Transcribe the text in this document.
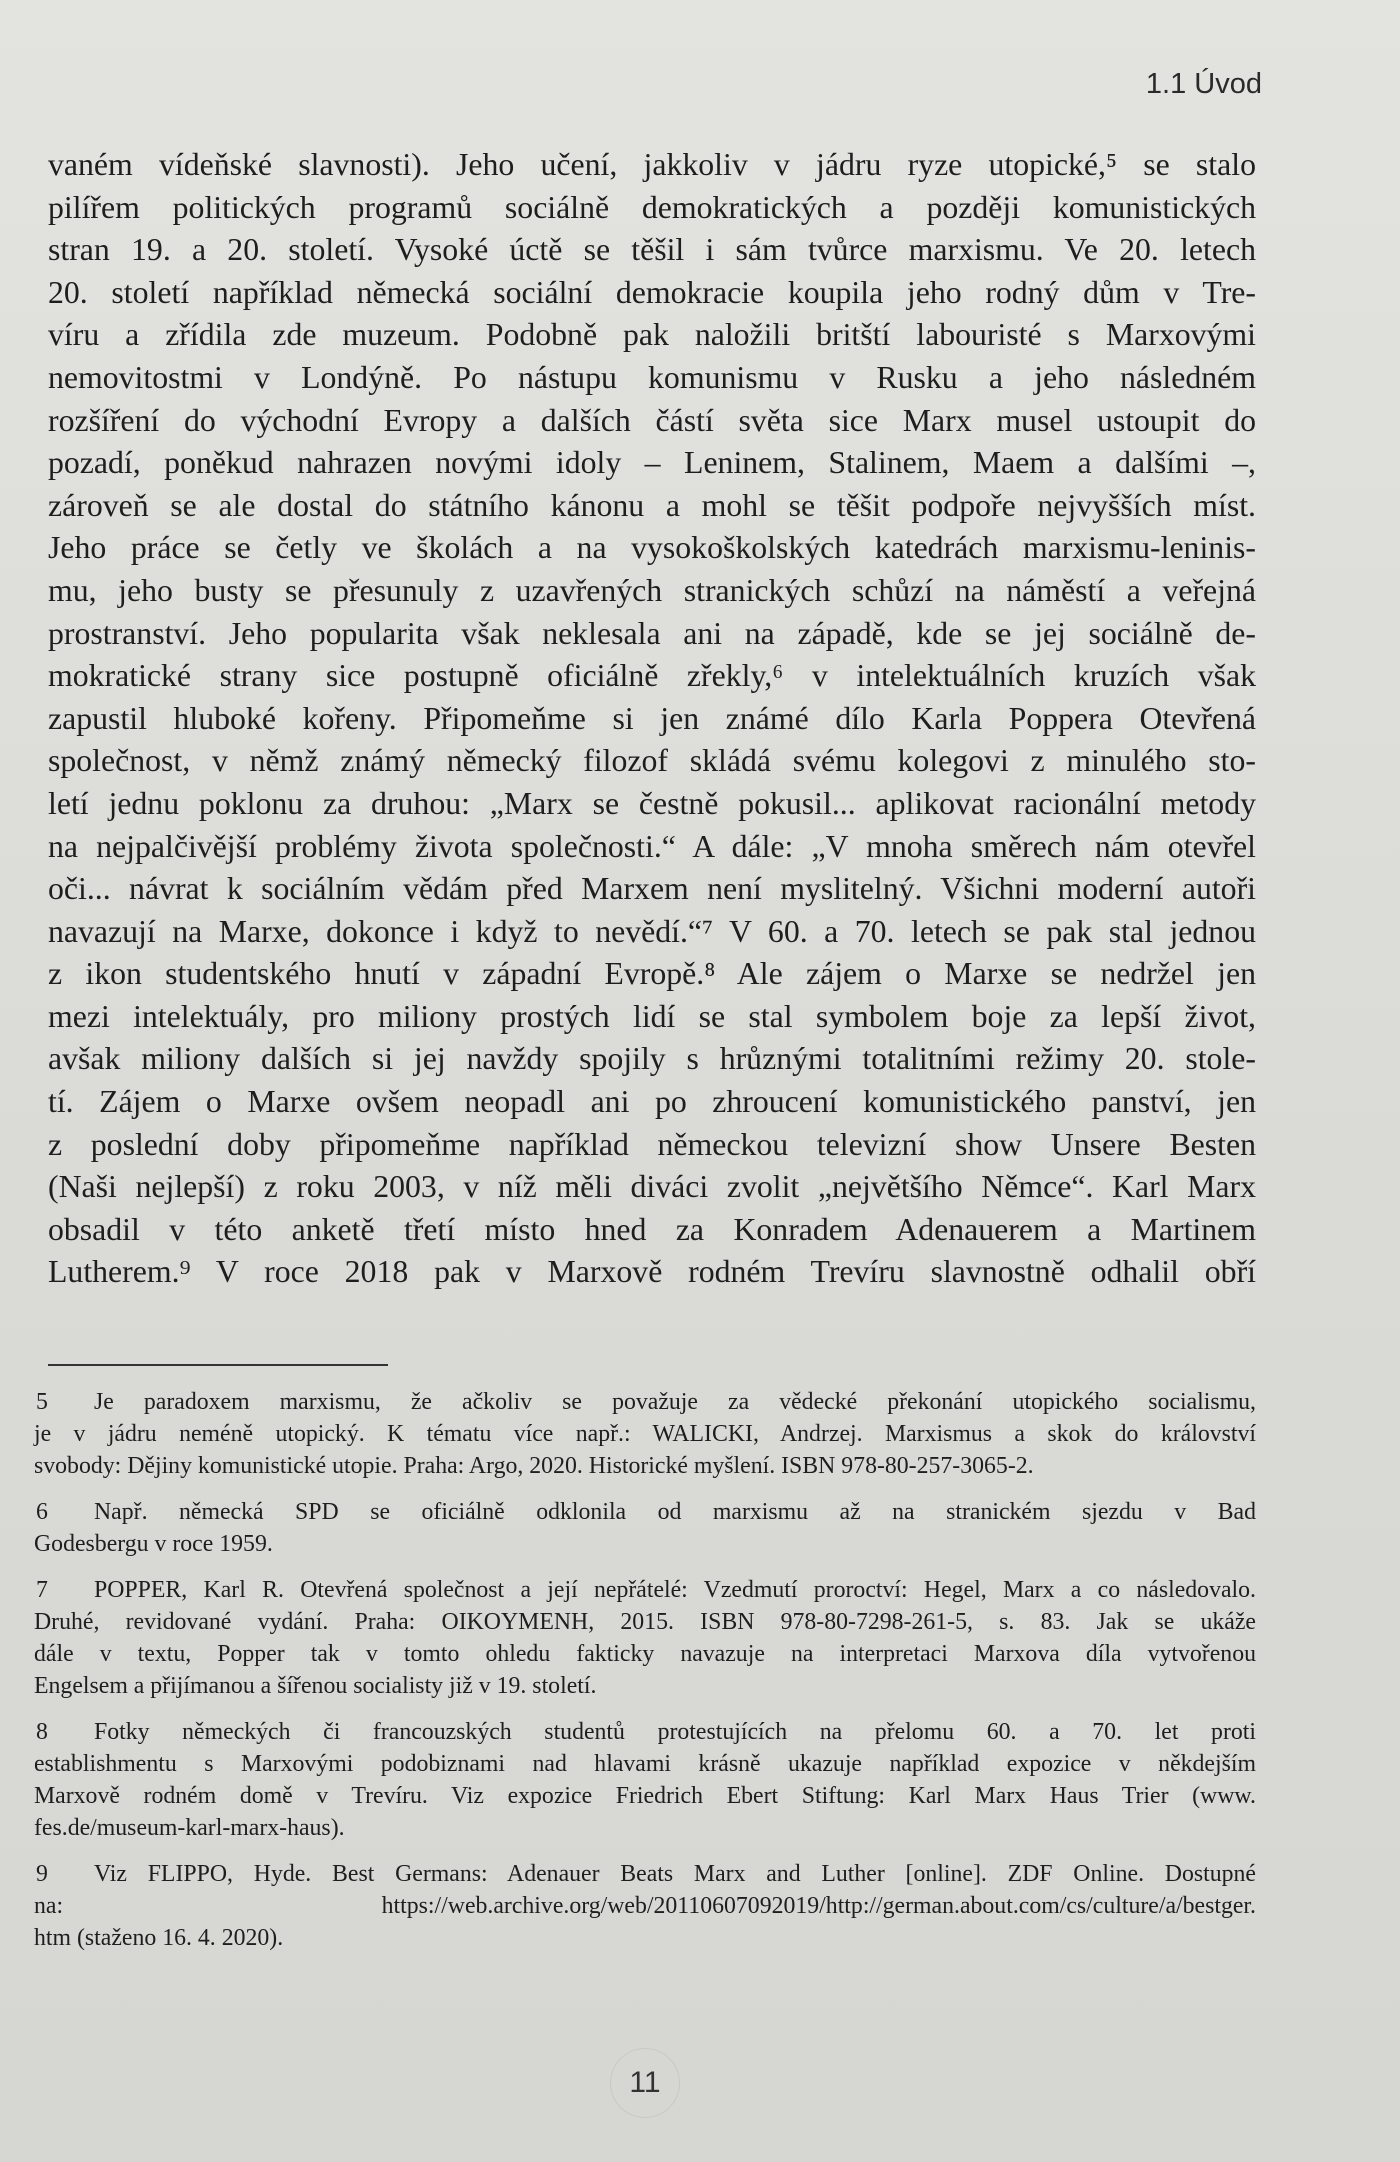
1.1 Úvod
vaném vídeňské slavnosti). Jeho učení, jakkoliv v jádru ryze utopické,⁵ se stalo
pilířem politických programů sociálně demokratických a později komunistických
stran 19. a 20. století. Vysoké úctě se těšil i sám tvůrce marxismu. Ve 20. letech
20. století například německá sociální demokracie koupila jeho rodný dům v Tre-
víru a zřídila zde muzeum. Podobně pak naložili britští labouristé s Marxovými
nemovitostmi v Londýně. Po nástupu komunismu v Rusku a jeho následném
rozšíření do východní Evropy a dalších částí světa sice Marx musel ustoupit do
pozadí, poněkud nahrazen novými idoly – Leninem, Stalinem, Maem a dalšími –,
zároveň se ale dostal do státního kánonu a mohl se těšit podpoře nejvyšších míst.
Jeho práce se četly ve školách a na vysokoškolských katedrách marxismu-leninis-
mu, jeho busty se přesunuly z uzavřených stranických schůzí na náměstí a veřejná
prostranství. Jeho popularita však neklesala ani na západě, kde se jej sociálně de-
mokratické strany sice postupně oficiálně zřekly,⁶ v intelektuálních kruzích však
zapustil hluboké kořeny. Připomeňme si jen známé dílo Karla Poppera Otevřená
společnost, v němž známý německý filozof skládá svému kolegovi z minulého sto-
letí jednu poklonu za druhou: „Marx se čestně pokusil... aplikovat racionální metody
na nejpalčivější problémy života společnosti.“ A dále: „V mnoha směrech nám otevřel
oči... návrat k sociálním vědám před Marxem není myslitelný. Všichni moderní autoři
navazují na Marxe, dokonce i když to nevědí.“⁷ V 60. a 70. letech se pak stal jednou
z ikon studentského hnutí v západní Evropě.⁸ Ale zájem o Marxe se nedržel jen
mezi intelektuály, pro miliony prostých lidí se stal symbolem boje za lepší život,
avšak miliony dalších si jej navždy spojily s hrůznými totalitními režimy 20. stole-
tí. Zájem o Marxe ovšem neopadl ani po zhroucení komunistického panství, jen
z poslední doby připomeňme například německou televizní show Unsere Besten
(Naši nejlepší) z roku 2003, v níž měli diváci zvolit „největšího Němce“. Karl Marx
obsadil v této anketě třetí místo hned za Konradem Adenauerem a Martinem
Lutherem.⁹ V roce 2018 pak v Marxově rodném Trevíru slavnostně odhalil obří
5 Je paradoxem marxismu, že ačkoliv se považuje za vědecké překonání utopického socialismu,
je v jádru neméně utopický. K tématu více např.: WALICKI, Andrzej. Marxismus a skok do království
svobody: Dějiny komunistické utopie. Praha: Argo, 2020. Historické myšlení. ISBN 978-80-257-3065-2.
6 Např. německá SPD se oficiálně odklonila od marxismu až na stranickém sjezdu v Bad
Godesbergu v roce 1959.
7 POPPER, Karl R. Otevřená společnost a její nepřátelé: Vzedmutí proroctví: Hegel, Marx a co následovalo.
Druhé, revidované vydání. Praha: OIKOYMENH, 2015. ISBN 978-80-7298-261-5, s. 83. Jak se ukáže
dále v textu, Popper tak v tomto ohledu fakticky navazuje na interpretaci Marxova díla vytvořenou
Engelsem a přijímanou a šířenou socialisty již v 19. století.
8 Fotky německých či francouzských studentů protestujících na přelomu 60. a 70. let proti
establishmentu s Marxovými podobiznami nad hlavami krásně ukazuje například expozice v někdejším
Marxově rodném domě v Trevíru. Viz expozice Friedrich Ebert Stiftung: Karl Marx Haus Trier (www.
fes.de/museum-karl-marx-haus).
9 Viz FLIPPO, Hyde. Best Germans: Adenauer Beats Marx and Luther [online]. ZDF Online. Dostupné
na: https://web.archive.org/web/20110607092019/http://german.about.com/cs/culture/a/bestger.
htm (staženo 16. 4. 2020).
11
